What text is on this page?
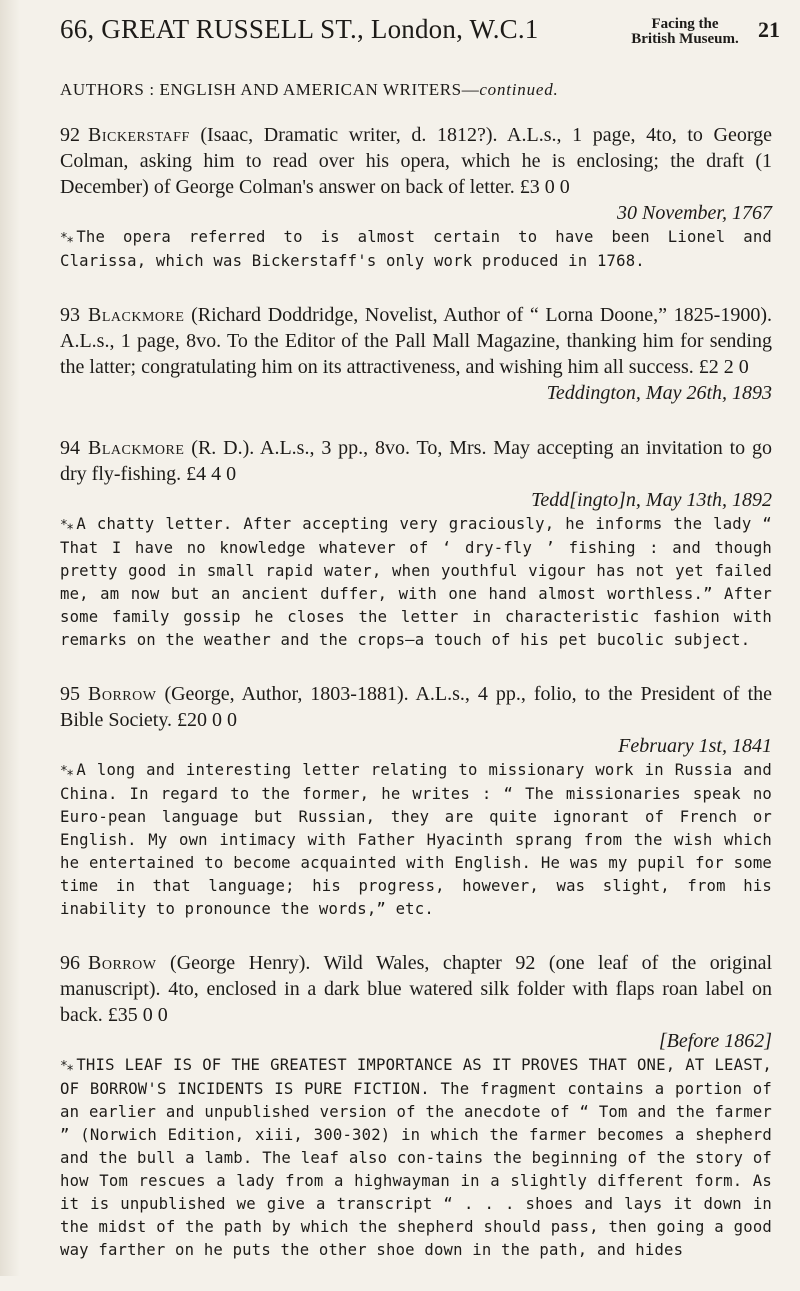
66, GREAT RUSSELL ST., London, W.C.1	Facing the
British Museum. 21
AUTHORS : ENGLISH AND AMERICAN WRITERS—continued.
92 Bickerstaff (Isaac, Dramatic writer, d. 1812?). A.L.s., 1 page, 4to, to George Colman, asking him to read over his opera, which he is enclosing; the draft (1 December) of George Colman's answer on back of letter. £3 0 0
30 November, 1767
*⁎ The opera referred to is almost certain to have been Lionel and Clarissa, which was Bickerstaff's only work produced in 1768.
93 Blackmore (Richard Doddridge, Novelist, Author of “ Lorna Doone,” 1825-1900). A.L.s., 1 page, 8vo. To the Editor of the Pall Mall Magazine, thanking him for sending the latter; congratulating him on its attractiveness, and wishing him all success. £2 2 0
Teddington, May 26th, 1893
94 Blackmore (R. D.). A.L.s., 3 pp., 8vo. To, Mrs. May accepting an invitation to go dry fly-fishing. £4 4 0
Tedd[ingto]n, May 13th, 1892
*⁎ A chatty letter. After accepting very graciously, he informs the lady “ That I have no knowledge whatever of ‘ dry-fly ’ fishing : and though pretty good in small rapid water, when youthful vigour has not yet failed me, am now but an ancient duffer, with one hand almost worthless.” After some family gossip he closes the letter in characteristic fashion with remarks on the weather and the crops—a touch of his pet bucolic subject.
95 Borrow (George, Author, 1803-1881). A.L.s., 4 pp., folio, to the President of the Bible Society. £20 0 0
February 1st, 1841
*⁎ A long and interesting letter relating to missionary work in Russia and China. In regard to the former, he writes : “ The missionaries speak no Euro-pean language but Russian, they are quite ignorant of French or English. My own intimacy with Father Hyacinth sprang from the wish which he entertained to become acquainted with English. He was my pupil for some time in that language; his progress, however, was slight, from his inability to pronounce the words,” etc.
96 Borrow (George Henry). Wild Wales, chapter 92 (one leaf of the original manuscript). 4to, enclosed in a dark blue watered silk folder with flaps roan label on back. £35 0 0
[Before 1862]
*⁎ THIS LEAF IS OF THE GREATEST IMPORTANCE AS IT PROVES THAT ONE, AT LEAST, OF BORROW'S INCIDENTS IS PURE FICTION. The fragment contains a portion of an earlier and unpublished version of the anecdote of “ Tom and the farmer ” (Norwich Edition, xiii, 300-302) in which the farmer becomes a shepherd and the bull a lamb. The leaf also con-tains the beginning of the story of how Tom rescues a lady from a highwayman in a slightly different form. As it is unpublished we give a transcript “ . . . shoes and lays it down in the midst of the path by which the shepherd should pass, then going a good way farther on he puts the other shoe down in the path, and hides
